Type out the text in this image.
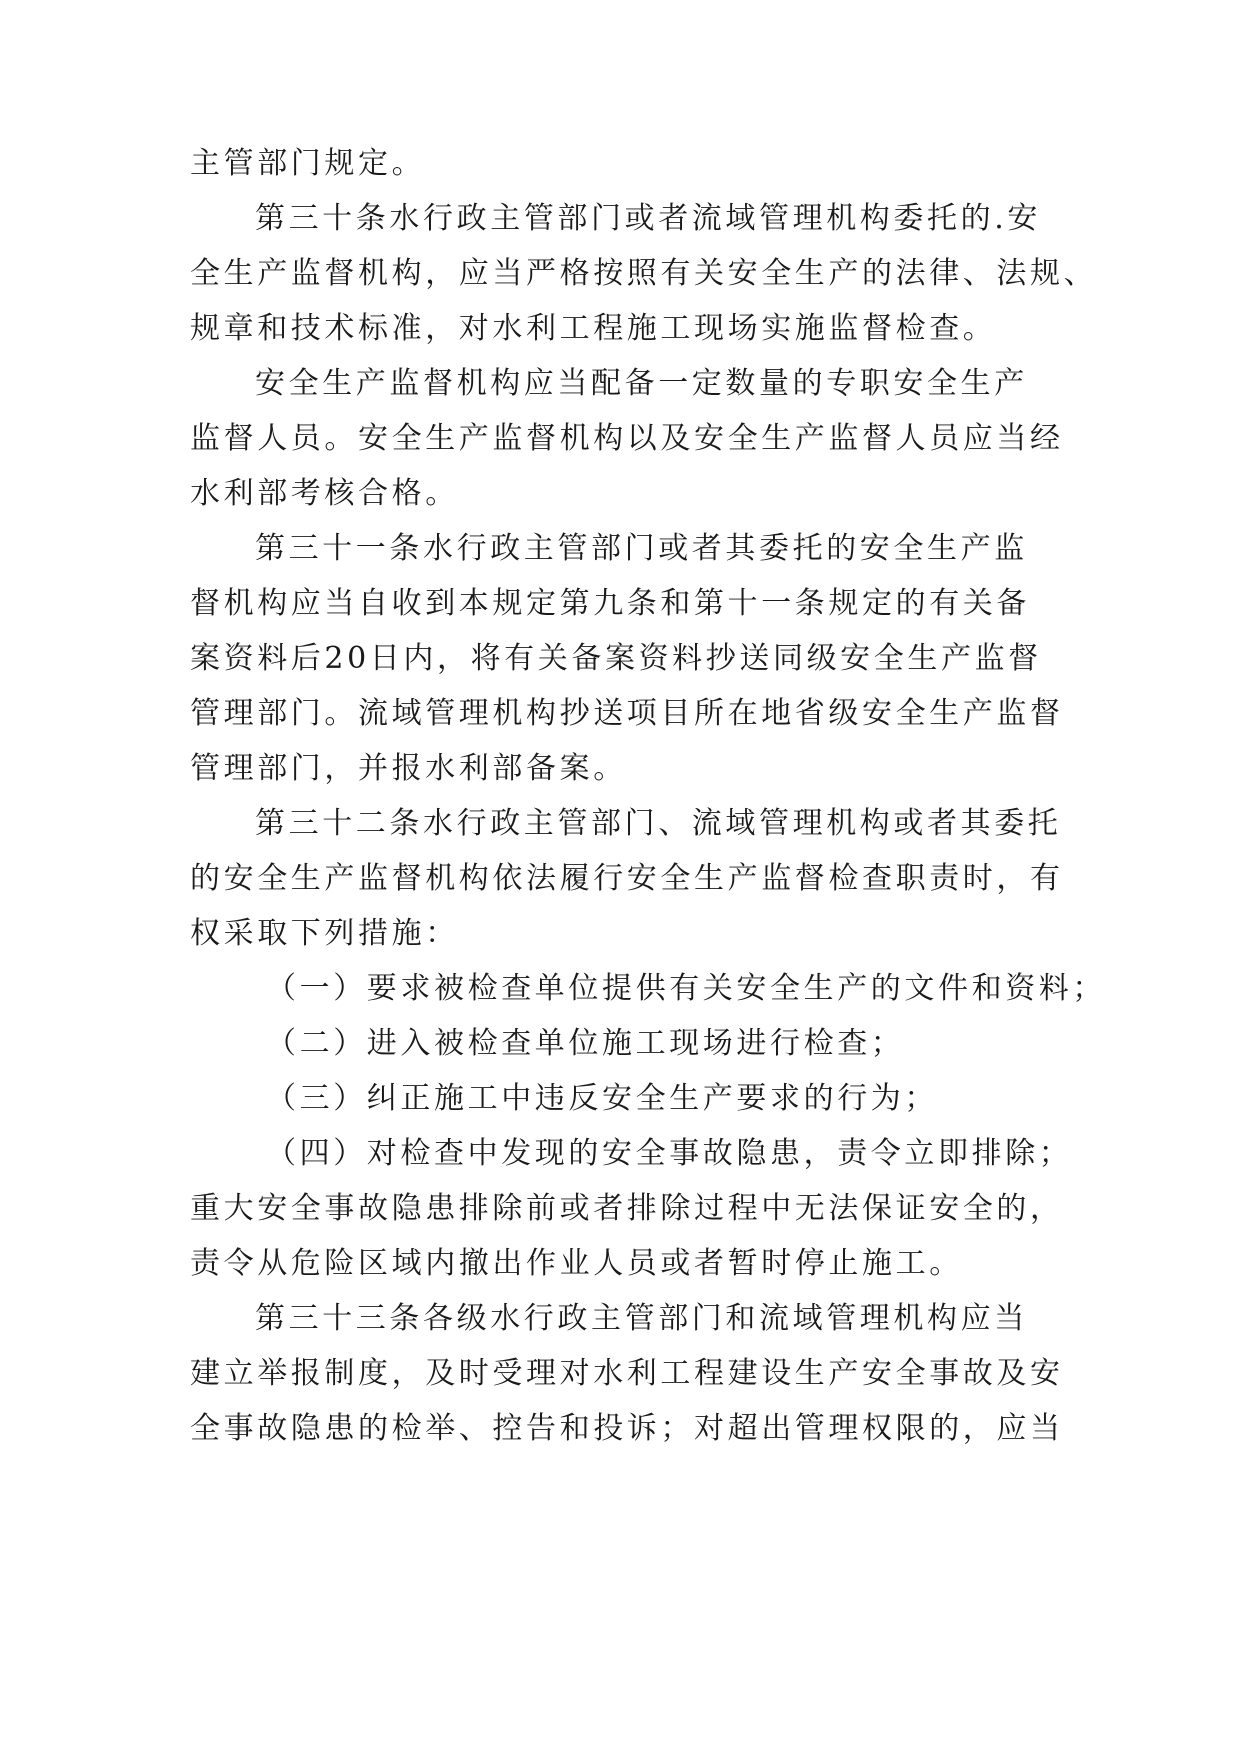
主管部门规定。
第三十条水行政主管部门或者流域管理机构委托的.安
全生产监督机构，应当严格按照有关安全生产的法律、法规、
规章和技术标准，对水利工程施工现场实施监督检查。
安全生产监督机构应当配备一定数量的专职安全生产
监督人员。安全生产监督机构以及安全生产监督人员应当经
水利部考核合格。
第三十一条水行政主管部门或者其委托的安全生产监
督机构应当自收到本规定第九条和第十一条规定的有关备
案资料后20日内，将有关备案资料抄送同级安全生产监督
管理部门。流域管理机构抄送项目所在地省级安全生产监督
管理部门，并报水利部备案。
第三十二条水行政主管部门、流域管理机构或者其委托
的安全生产监督机构依法履行安全生产监督检查职责时，有
权采取下列措施：
（一）要求被检查单位提供有关安全生产的文件和资料；
（二）进入被检查单位施工现场进行检查；
（三）纠正施工中违反安全生产要求的行为；
（四）对检查中发现的安全事故隐患，责令立即排除；
重大安全事故隐患排除前或者排除过程中无法保证安全的，
责令从危险区域内撤出作业人员或者暂时停止施工。
第三十三条各级水行政主管部门和流域管理机构应当
建立举报制度，及时受理对水利工程建设生产安全事故及安
全事故隐患的检举、控告和投诉；对超出管理权限的，应当
